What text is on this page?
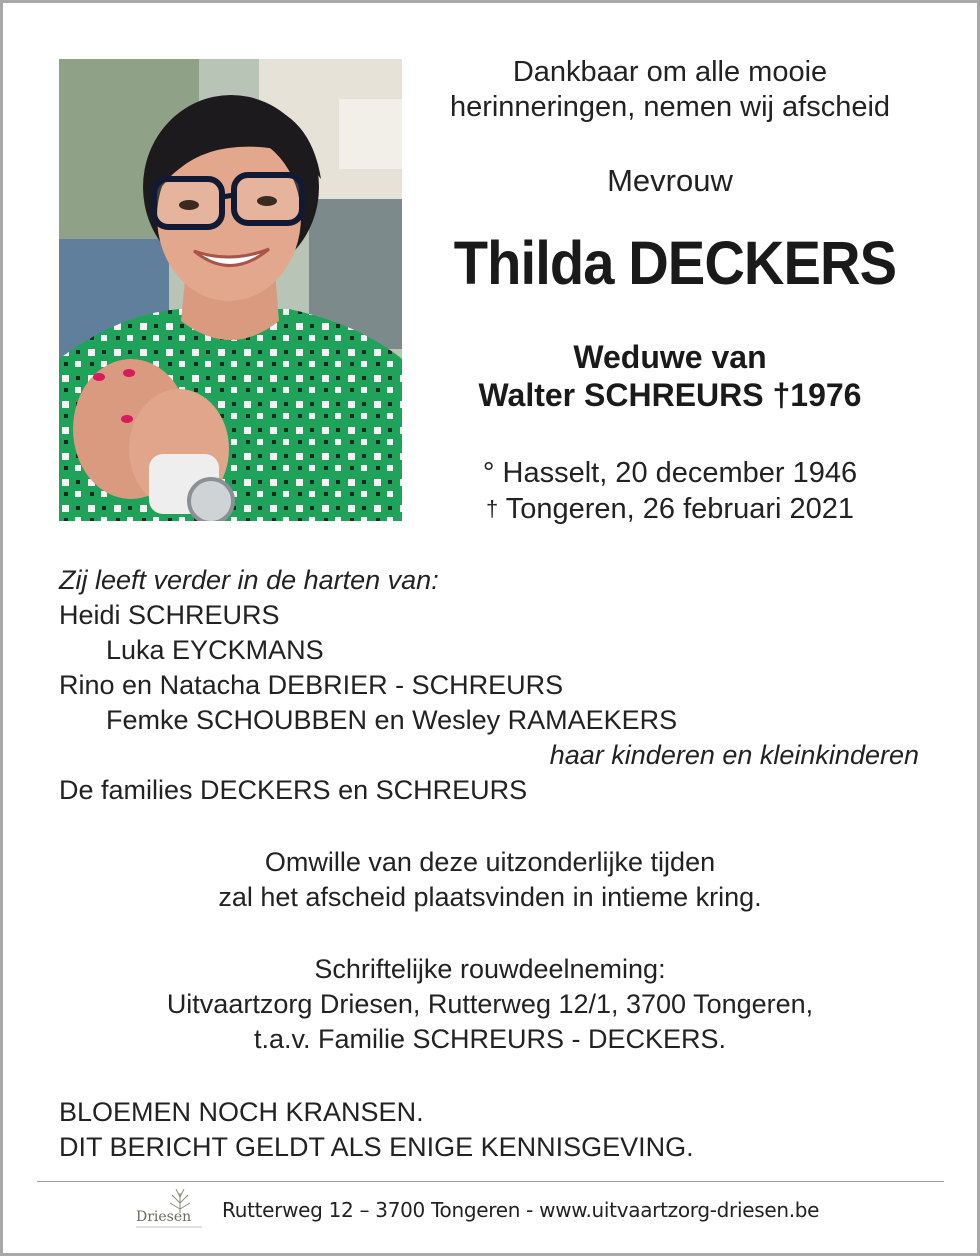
Dankbaar om alle mooie
herinneringen, nemen wij afscheid
Mevrouw
Thilda DECKERS
Weduwe van
Walter SCHREURS †1976
° Hasselt, 20 december 1946
† Tongeren, 26 februari 2021
Zij leeft verder in de harten van:
Heidi SCHREURS
Luka EYCKMANS
Rino en Natacha DEBRIER - SCHREURS
Femke SCHOUBBEN en Wesley RAMAEKERS
haar kinderen en kleinkinderen
De families DECKERS en SCHREURS
Omwille van deze uitzonderlijke tijden
zal het afscheid plaatsvinden in intieme kring.
Schriftelijke rouwdeelneming:
Uitvaartzorg Driesen, Rutterweg 12/1, 3700 Tongeren,
t.a.v. Familie SCHREURS - DECKERS.
BLOEMEN NOCH KRANSEN.
DIT BERICHT GELDT ALS ENIGE KENNISGEVING.
Driesen Rutterweg 12 – 3700 Tongeren - www.uitvaartzorg-driesen.be
